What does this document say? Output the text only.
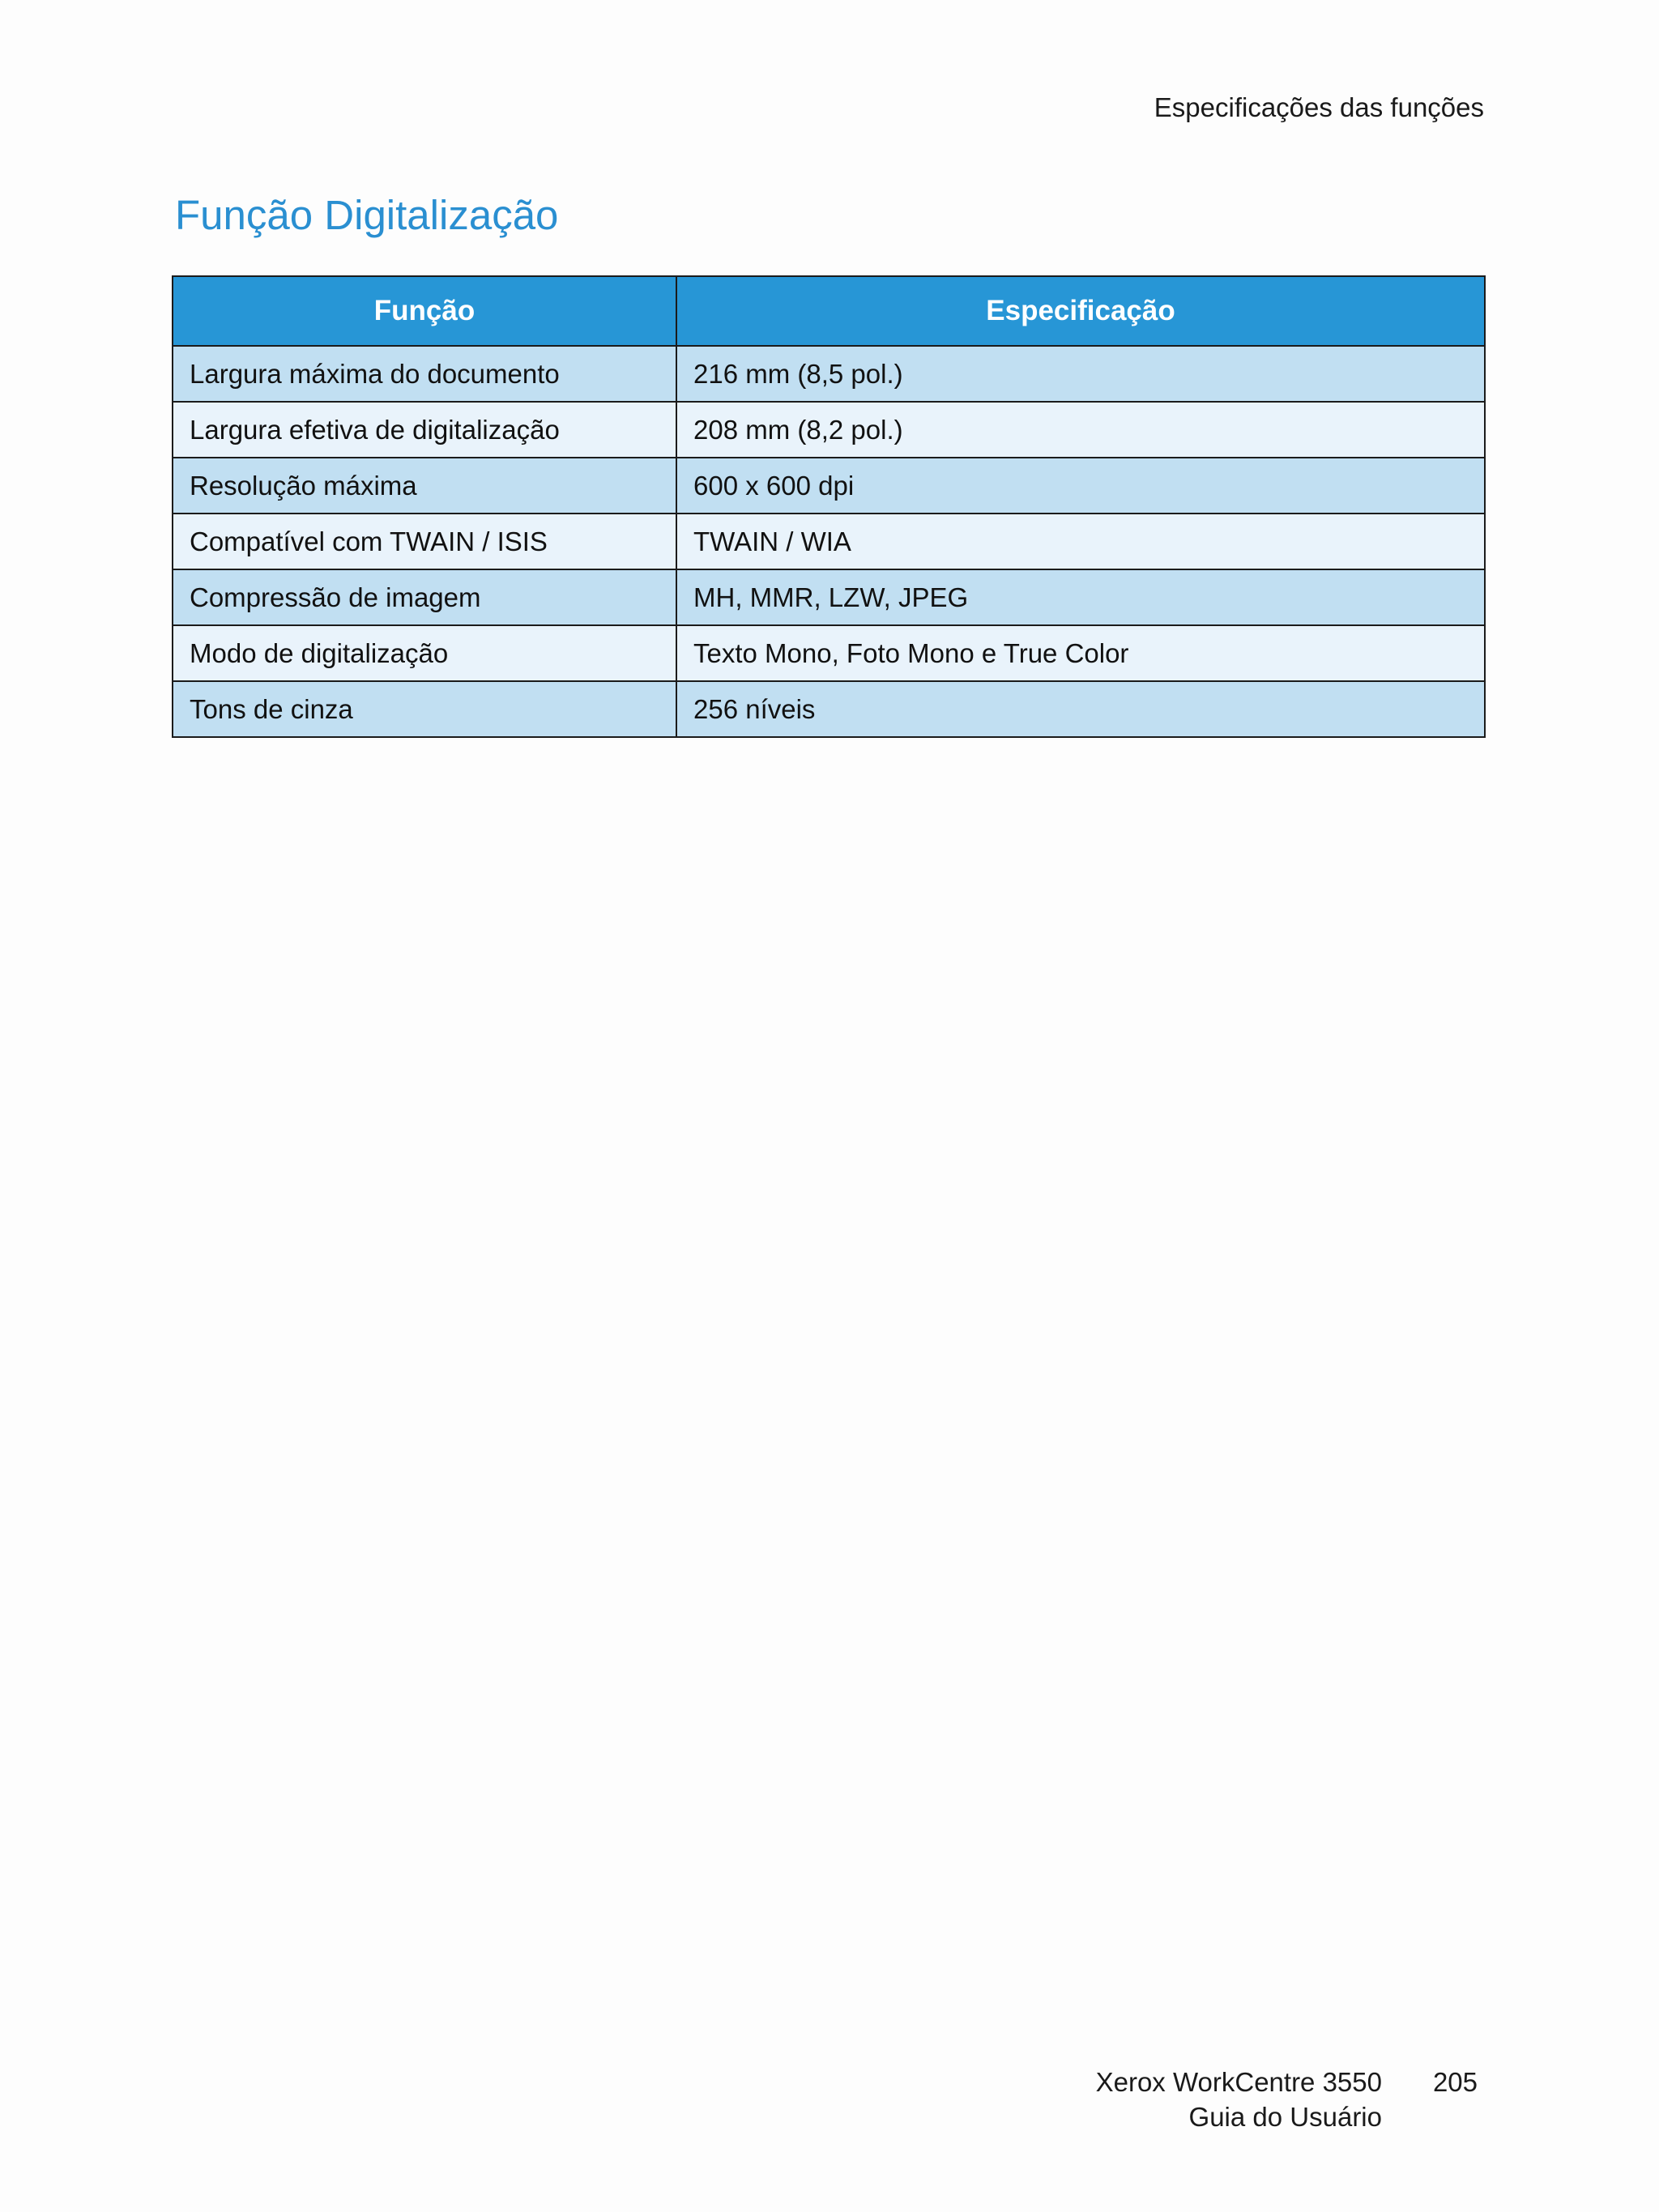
Especificações das funções
Função Digitalização
Função	Especificação
Largura máxima do documento	216 mm (8,5 pol.)
Largura efetiva de digitalização	208 mm (8,2 pol.)
Resolução máxima	600 x 600 dpi
Compatível com TWAIN / ISIS	TWAIN / WIA
Compressão de imagem	MH, MMR, LZW, JPEG
Modo de digitalização	Texto Mono, Foto Mono e True Color
Tons de cinza	256 níveis
Xerox WorkCentre 3550
Guia do Usuário
205
